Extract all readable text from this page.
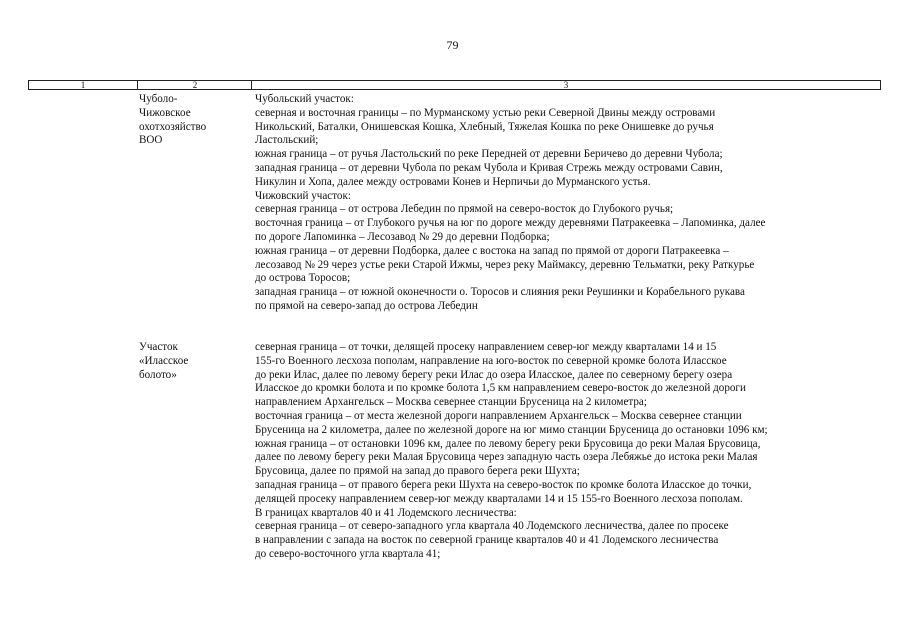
79
1	2	3
Чуболо-
Чижовское
охотхозяйство
ВОО
Чубольский участок:
северная и восточная границы – по Мурманскому устью реки Северной Двины между островами
Никольский, Баталки, Онишевская Кошка, Хлебный, Тяжелая Кошка по реке Онишевке до ручья
Ластольский;
южная граница – от ручья Ластольский по реке Передней от деревни Беричево до деревни Чубола;
западная граница – от деревни Чубола по рекам Чубола и Кривая Стрежь между островами Савин,
Никулин и Хопа, далее между островами Конев и Нерпичьи до Мурманского устья.
Чижовский участок:
северная граница – от острова Лебедин по прямой на северо-восток до Глубокого ручья;
восточная граница – от Глубокого ручья на юг по дороге между деревнями Патракеевка – Лапоминка, далее
по дороге Лапоминка – Лесозавод № 29 до деревни Подборка;
южная граница – от деревни Подборка, далее с востока на запад по прямой от дороги Патракеевка –
лесозавод № 29 через устье реки Старой Ижмы, через реку Маймаксу, деревню Тельматки, реку Раткурье
до острова Торосов;
западная граница – от южной оконечности о. Торосов и слияния реки Реушинки и Корабельного рукава
по прямой на северо-запад до острова Лебедин
Участок
«Иласское
болото»
северная граница – от точки, делящей просеку направлением север-юг между кварталами 14 и 15
155-го Военного лесхоза пополам, направление на юго-восток по северной кромке болота Иласское
до реки Илас, далее по левому берегу реки Илас до озера Иласское, далее по северному берегу озера
Иласское до кромки болота и по кромке болота 1,5 км направлением северо-восток до железной дороги
направлением Архангельск – Москва севернее станции Брусеница на 2 километра;
восточная граница – от места железной дороги направлением Архангельск – Москва севернее станции
Брусеница на 2 километра, далее по железной дороге на юг мимо станции Брусеница до остановки 1096 км;
южная граница – от остановки 1096 км, далее по левому берегу реки Брусовица до реки Малая Брусовица,
далее по левому берегу реки Малая Брусовица через западную часть озера Лебяжье до истока реки Малая
Брусовица, далее по прямой на запад до правого берега реки Шухта;
западная граница – от правого берега реки Шухта на северо-восток по кромке болота Иласское до точки,
делящей просеку направлением север-юг между кварталами 14 и 15 155-го Военного лесхоза пополам.
В границах кварталов 40 и 41 Лодемского лесничества:
северная граница – от северо-западного угла квартала 40 Лодемского лесничества, далее по просеке
в направлении с запада на восток по северной границе кварталов 40 и 41 Лодемского лесничества
до северо-восточного угла квартала 41;
